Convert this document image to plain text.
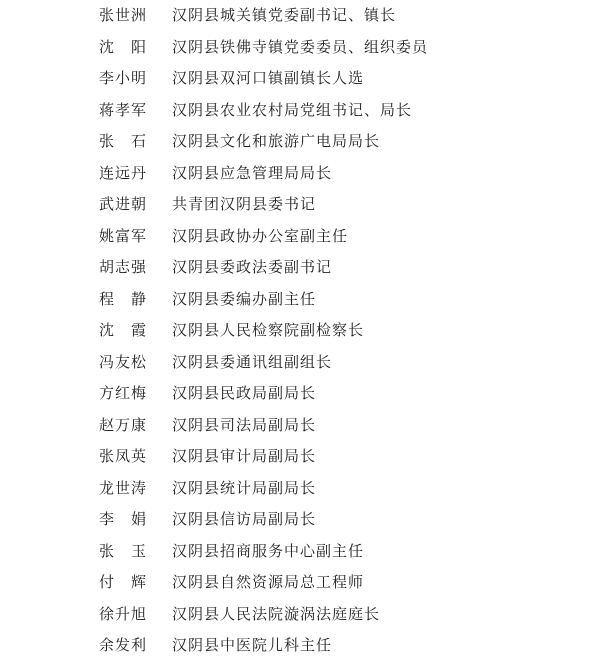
张世洲 汉阴县城关镇党委副书记、镇长
沈 阳 汉阴县铁佛寺镇党委委员、组织委员
李小明 汉阴县双河口镇副镇长人选
蒋孝军 汉阴县农业农村局党组书记、局长
张 石 汉阴县文化和旅游广电局局长
连远丹 汉阴县应急管理局局长
武进朝 共青团汉阴县委书记
姚富军 汉阴县政协办公室副主任
胡志强 汉阴县委政法委副书记
程 静 汉阴县委编办副主任
沈 霞 汉阴县人民检察院副检察长
冯友松 汉阴县委通讯组副组长
方红梅 汉阴县民政局副局长
赵万康 汉阴县司法局副局长
张凤英 汉阴县审计局副局长
龙世涛 汉阴县统计局副局长
李 娟 汉阴县信访局副局长
张 玉 汉阴县招商服务中心副主任
付 辉 汉阴县自然资源局总工程师
徐升旭 汉阴县人民法院漩涡法庭庭长
余发利 汉阴县中医院儿科主任
